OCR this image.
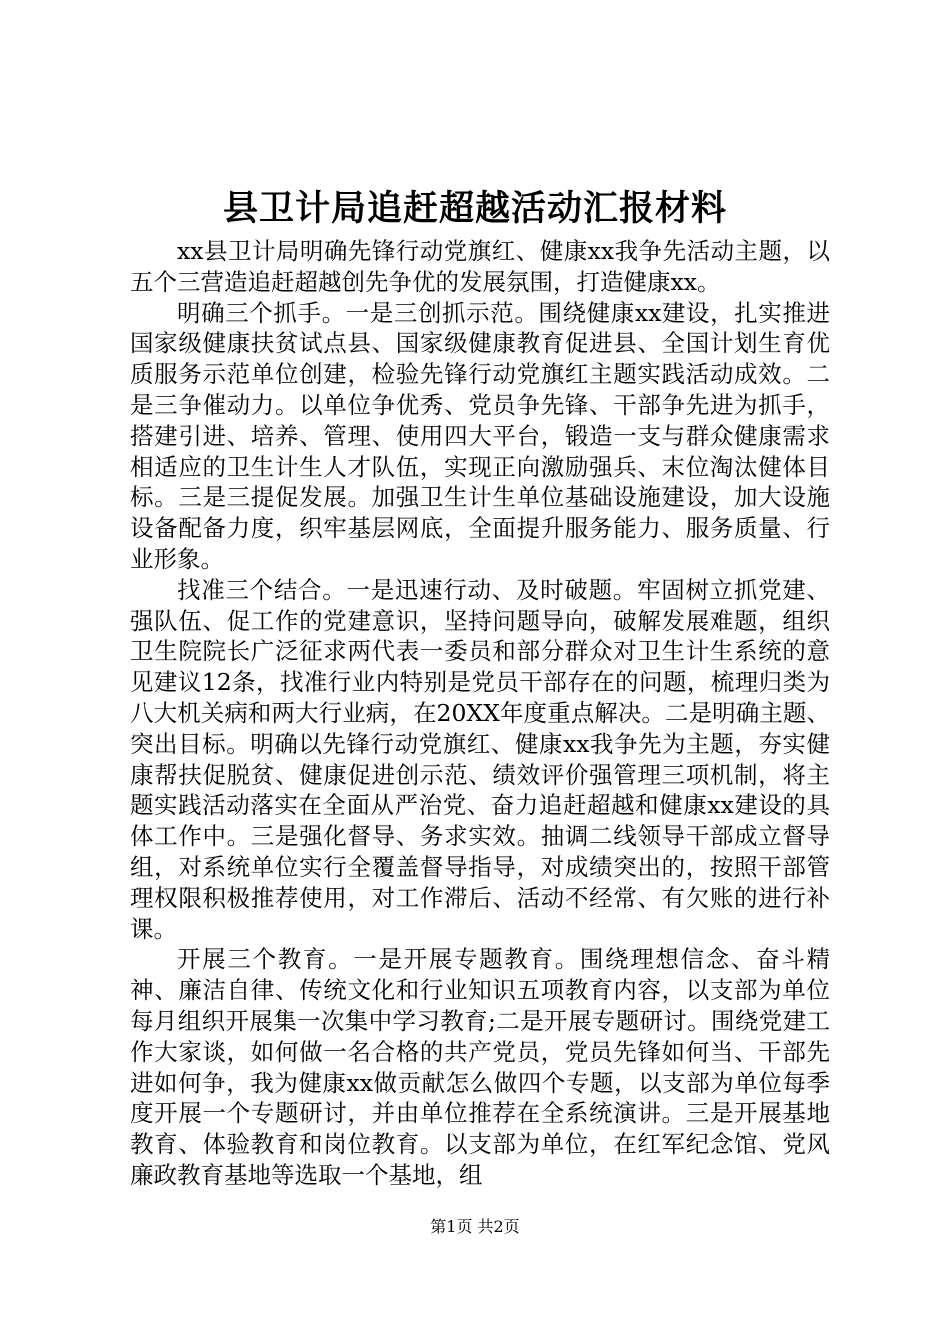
县卫计局追赶超越活动汇报材料

xx县卫计局明确先锋行动党旗红、健康xx我争先活动主题，以五个三营造追赶超越创先争优的发展氛围，打造健康xx。

明确三个抓手。一是三创抓示范。围绕健康xx建设，扎实推进国家级健康扶贫试点县、国家级健康教育促进县、全国计划生育优质服务示范单位创建，检验先锋行动党旗红主题实践活动成效。二是三争催动力。以单位争优秀、党员争先锋、干部争先进为抓手，搭建引进、培养、管理、使用四大平台，锻造一支与群众健康需求相适应的卫生计生人才队伍，实现正向激励强兵、末位淘汰健体目标。三是三提促发展。加强卫生计生单位基础设施建设，加大设施设备配备力度，织牢基层网底，全面提升服务能力、服务质量、行业形象。

找准三个结合。一是迅速行动、及时破题。牢固树立抓党建、强队伍、促工作的党建意识，坚持问题导向，破解发展难题，组织卫生院院长广泛征求两代表一委员和部分群众对卫生计生系统的意见建议12条，找准行业内特别是党员干部存在的问题，梳理归类为八大机关病和两大行业病，在20XX年度重点解决。二是明确主题、突出目标。明确以先锋行动党旗红、健康xx我争先为主题，夯实健康帮扶促脱贫、健康促进创示范、绩效评价强管理三项机制，将主题实践活动落实在全面从严治党、奋力追赶超越和健康xx建设的具体工作中。三是强化督导、务求实效。抽调二线领导干部成立督导组，对系统单位实行全覆盖督导指导，对成绩突出的，按照干部管理权限积极推荐使用，对工作滞后、活动不经常、有欠账的进行补课。

开展三个教育。一是开展专题教育。围绕理想信念、奋斗精神、廉洁自律、传统文化和行业知识五项教育内容，以支部为单位每月组织开展集一次集中学习教育;二是开展专题研讨。围绕党建工作大家谈，如何做一名合格的共产党员，党员先锋如何当、干部先进如何争，我为健康xx做贡献怎么做四个专题，以支部为单位每季度开展一个专题研讨，并由单位推荐在全系统演讲。三是开展基地教育、体验教育和岗位教育。以支部为单位，在红军纪念馆、党风廉政教育基地等选取一个基地，组

第1页 共2页
